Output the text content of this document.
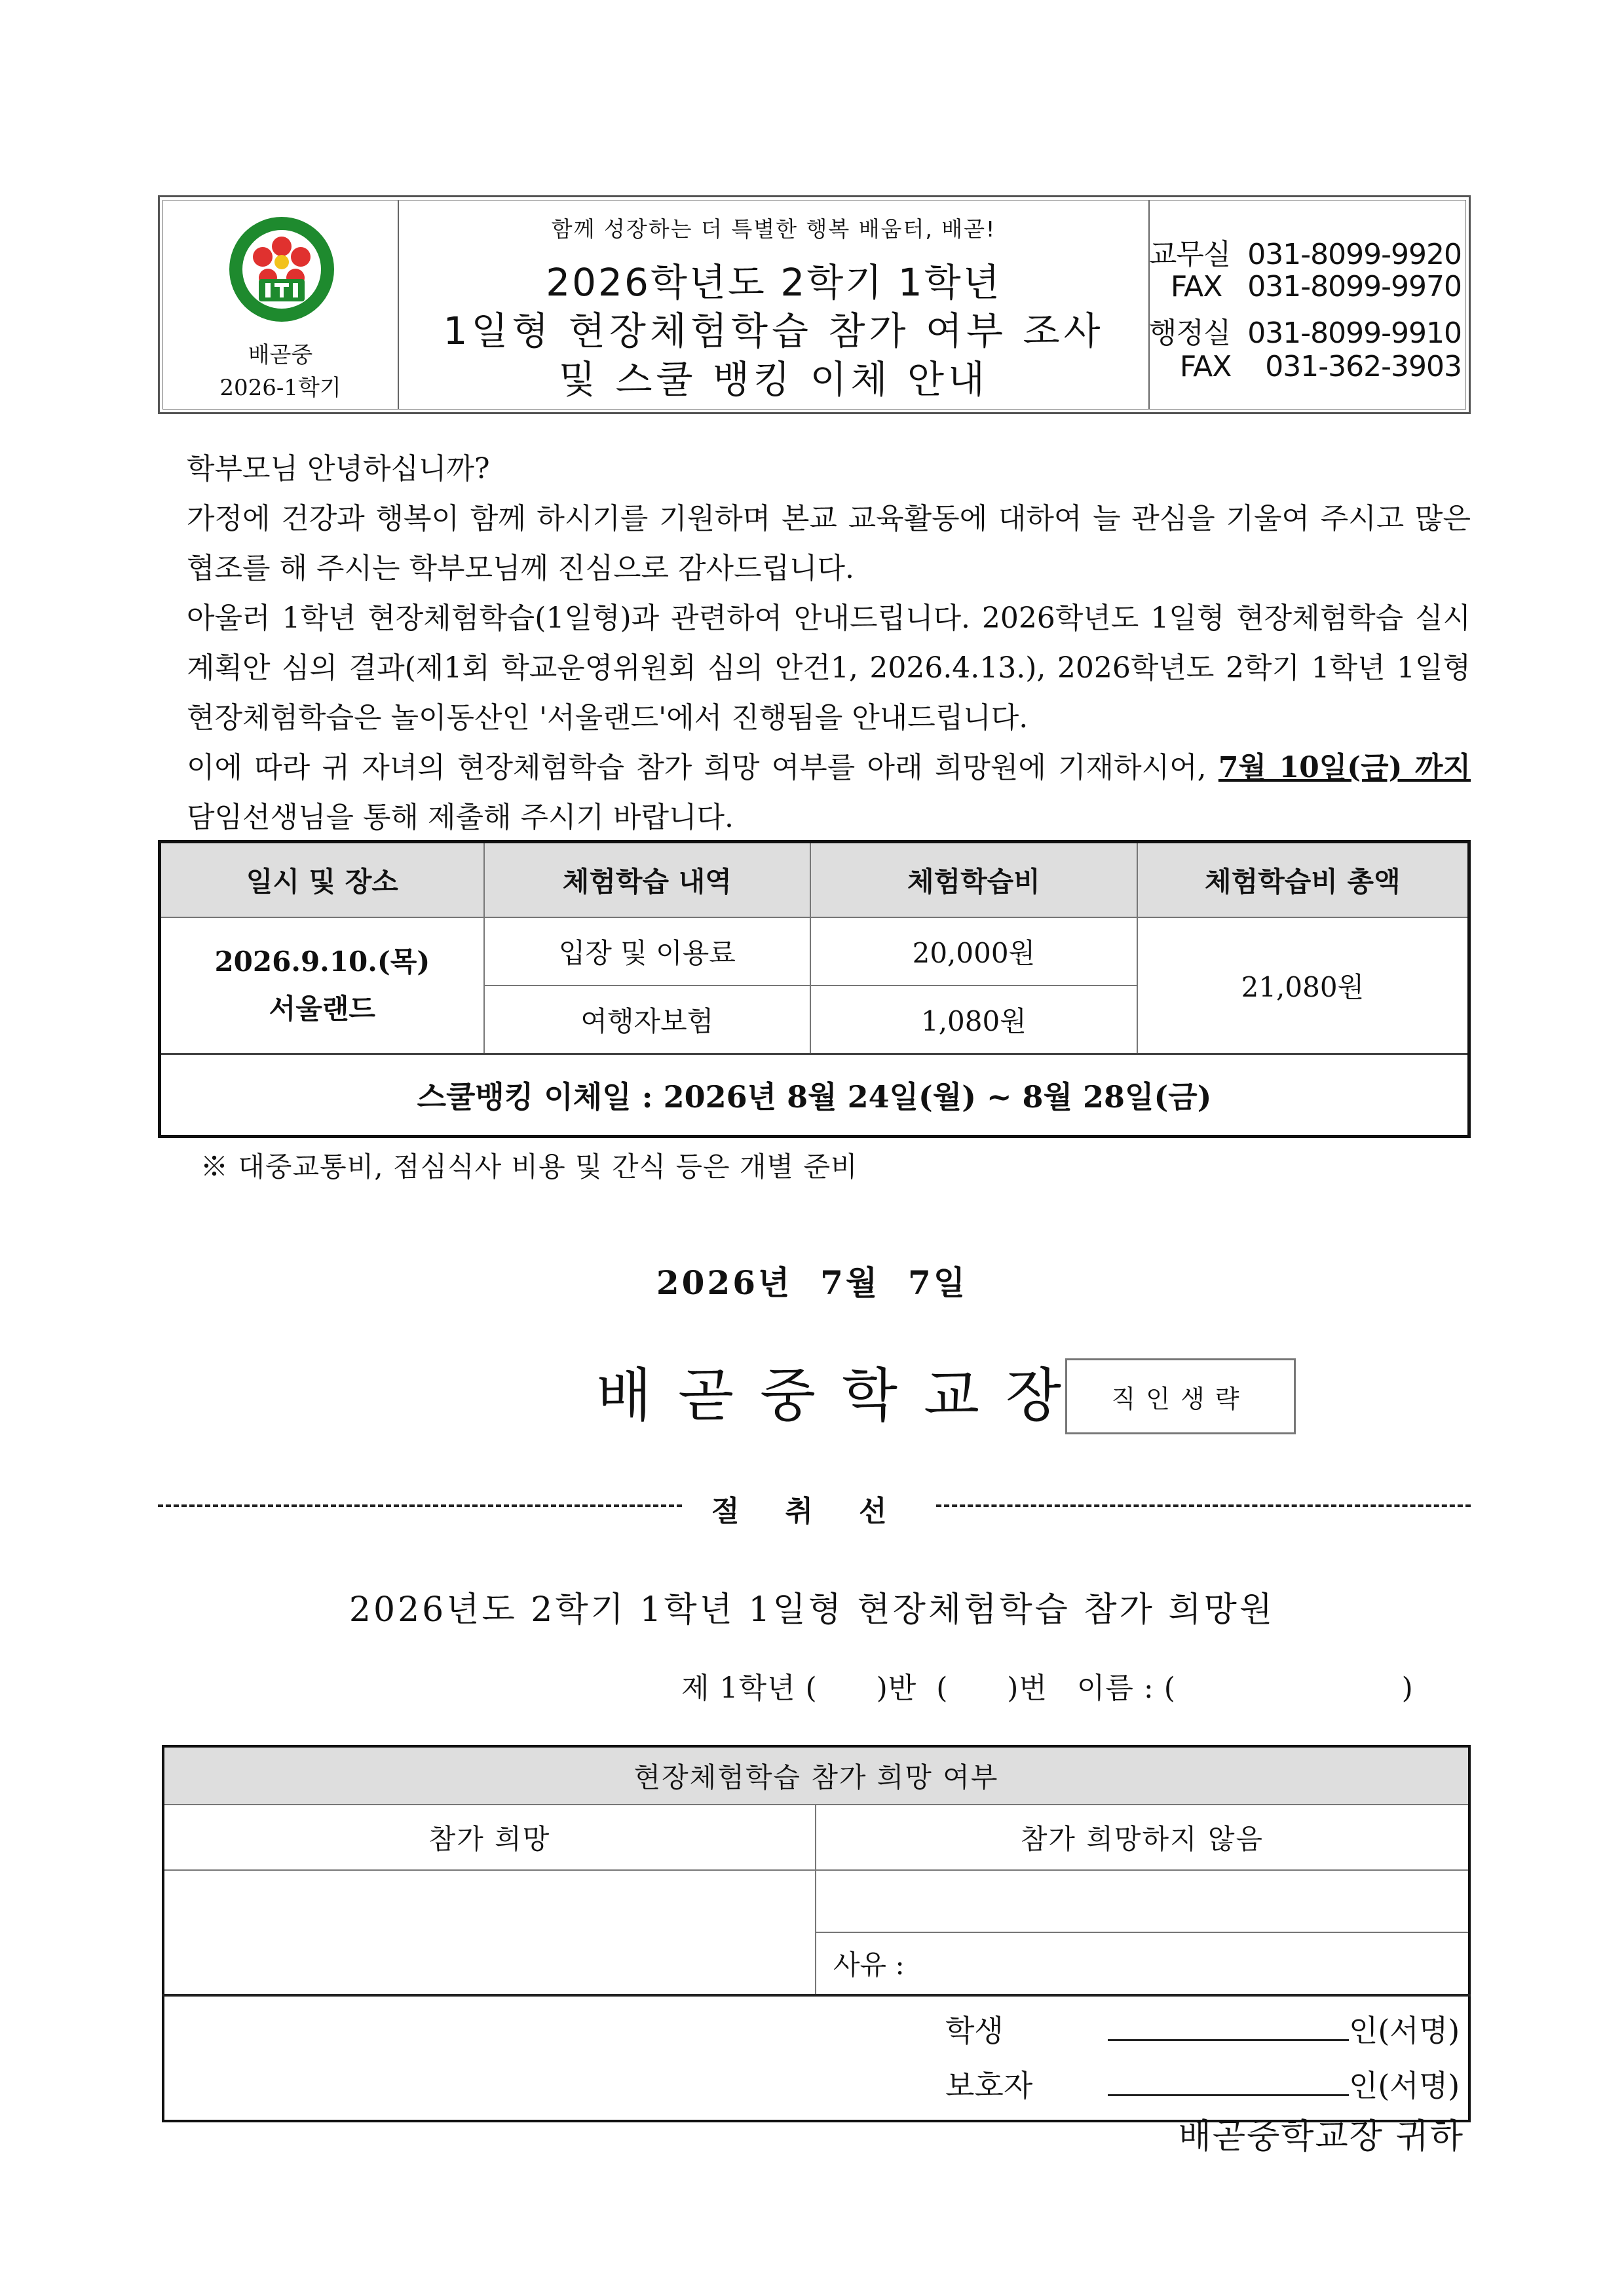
배곧중
2026-1학기
함께 성장하는 더 특별한 행복 배움터, 배곧!
2026학년도 2학기 1학년
1일형 현장체험학습 참가 여부 조사
및 스쿨 뱅킹 이체 안내
교무실  031-8099-9920
FAX   031-8099-9970
행정실  031-8099-9910
FAX    031-362-3903
학부모님 안녕하십니까?
가정에 건강과 행복이 함께 하시기를 기원하며 본교 교육활동에 대하여 늘 관심을 기울여 주시고 많은 협조를 해 주시는 학부모님께 진심으로 감사드립니다.
아울러 1학년 현장체험학습(1일형)과 관련하여 안내드립니다. 2026학년도 1일형 현장체험학습 실시 계획안 심의 결과(제1회 학교운영위원회 심의 안건1, 2026.4.13.), 2026학년도 2학기 1학년 1일형 현장체험학습은 놀이동산인 '서울랜드'에서 진행됨을 안내드립니다.
이에 따라 귀 자녀의 현장체험학습 참가 희망 여부를 아래 희망원에 기재하시어, 7월 10일(금) 까지 담임선생님을 통해 제출해 주시기 바랍니다.
일시 및 장소	체험학습 내역	체험학습비	체험학습비 총액

2026.9.10.(목)
서울랜드	입장 및 이용료	20,000원	21,080원
	여행자보험	1,080원	
스쿨뱅킹 이체일 : 2026년 8월 24일(월) ~ 8월 28일(금)			
※ 대중교통비, 점심식사 비용 및 간식 등은 개별 준비
2026년  7월  7일
배곧중학교장 직인생략
절취선
2026년도 2학기 1학년 1일형 현장체험학습 참가 희망원
제 1학년 (      )반  (      )번   이름 : (                       )
현장체험학습 참가 희망 여부	
참가 희망	참가 희망하지 않음

	사유 :

학생 인(서명)
보호자 인(서명)	
배곧중학교장 귀하
